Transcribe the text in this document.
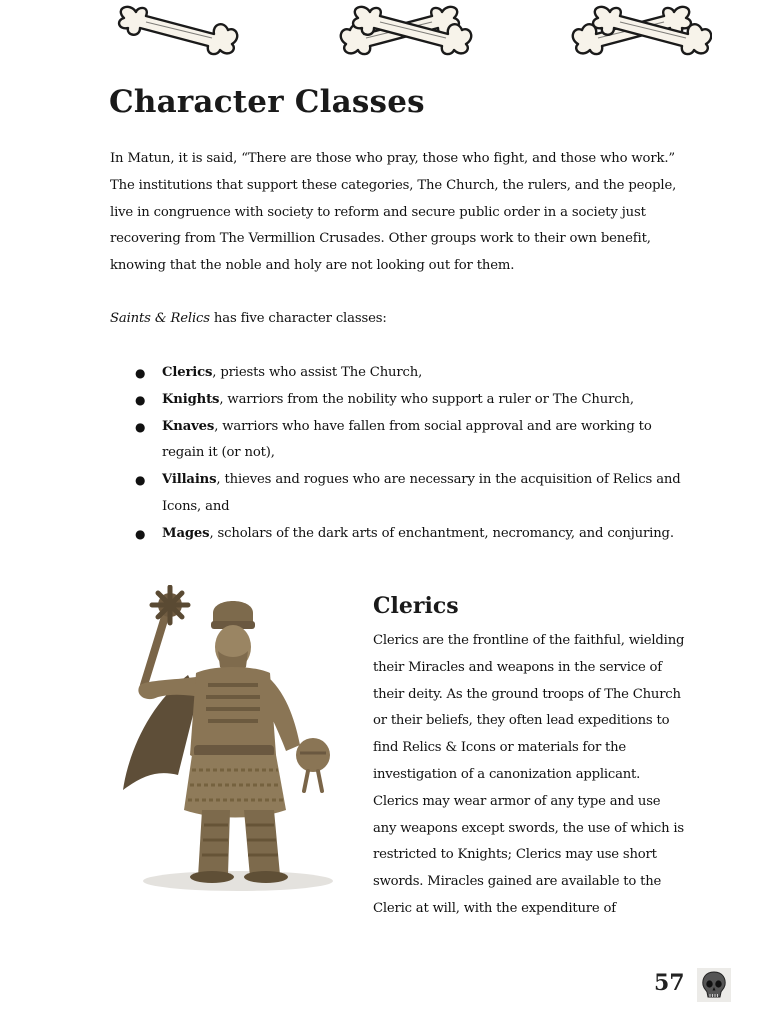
Character Classes

In Matun, it is said, “There are those who pray, those who fight, and those who work.” The institutions that support these categories, The Church, the rulers, and the people, live in congruence with society to reform and secure public order in a society just recovering from The Vermillion Crusades. Other groups work to their own benefit, knowing that the noble and holy are not looking out for them.

Saints & Relics has five character classes:

● Clerics, priests who assist The Church,
● Knights, warriors from the nobility who support a ruler or The Church,
● Knaves, warriors who have fallen from social approval and are working to regain it (or not),
● Villains, thieves and rogues who are necessary in the acquisition of Relics and Icons, and
● Mages, scholars of the dark arts of enchantment, necromancy, and conjuring.
Clerics

Clerics are the frontline of the faithful, wielding their Miracles and weapons in the service of their deity. As the ground troops of The Church or their beliefs, they often lead expeditions to find Relics & Icons or materials for the investigation of a canonization applicant. Clerics may wear armor of any type and use any weapons except swords, the use of which is restricted to Knights; Clerics may use short swords. Miracles gained are available to the Cleric at will, with the expenditure of

57
